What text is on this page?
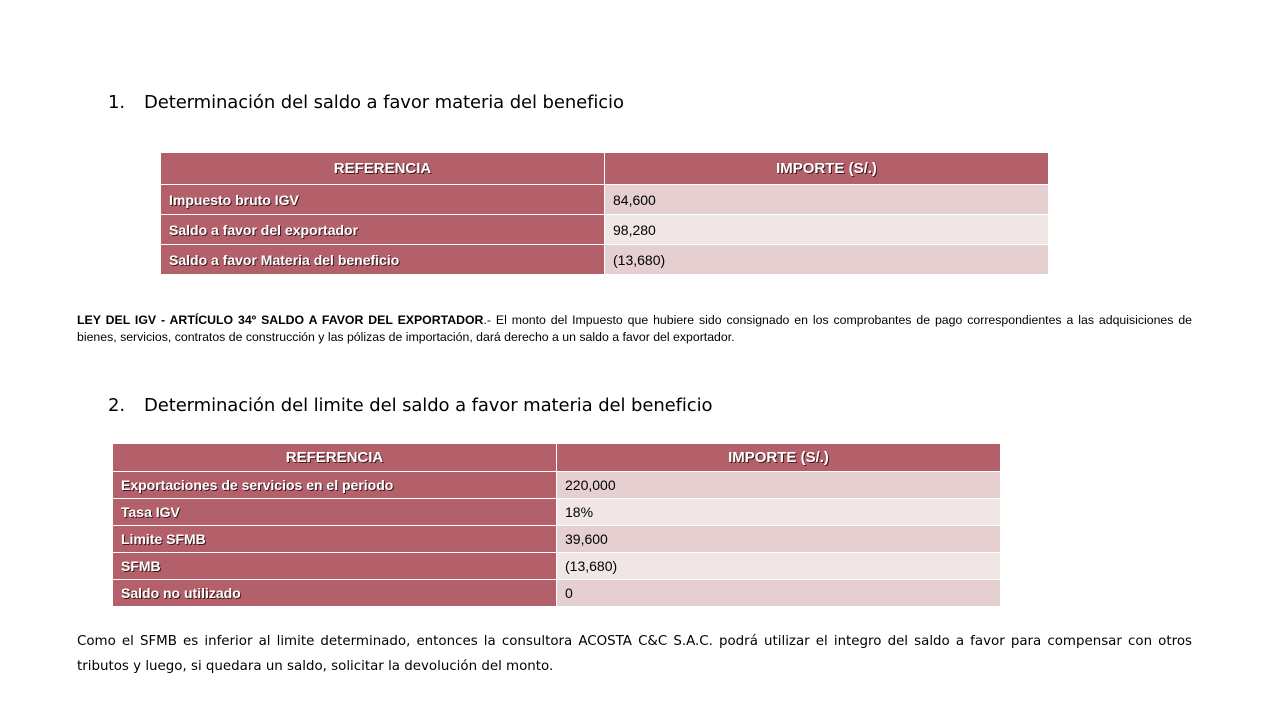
1. Determinación del saldo a favor materia del beneficio
REFERENCIA	IMPORTE (S/.)
Impuesto bruto IGV	84,600
Saldo a favor del exportador	98,280
Saldo a favor Materia del beneficio	(13,680)
LEY DEL IGV - ARTÍCULO 34º SALDO A FAVOR DEL EXPORTADOR.- El monto del Impuesto que hubiere sido consignado en los comprobantes de pago correspondientes a las adquisiciones de bienes, servicios, contratos de construcción y las pólizas de importación, dará derecho a un saldo a favor del exportador.
2. Determinación del limite del saldo a favor materia del beneficio
REFERENCIA	IMPORTE (S/.)
Exportaciones de servicios en el periodo	220,000
Tasa IGV	18%
Limite SFMB	39,600
SFMB	(13,680)
Saldo no utilizado	0
Como el SFMB es inferior al limite determinado, entonces la consultora ACOSTA C&C S.A.C. podrá utilizar el integro del saldo a favor para compensar con otros tributos y luego, si quedara un saldo, solicitar la devolución del monto.
